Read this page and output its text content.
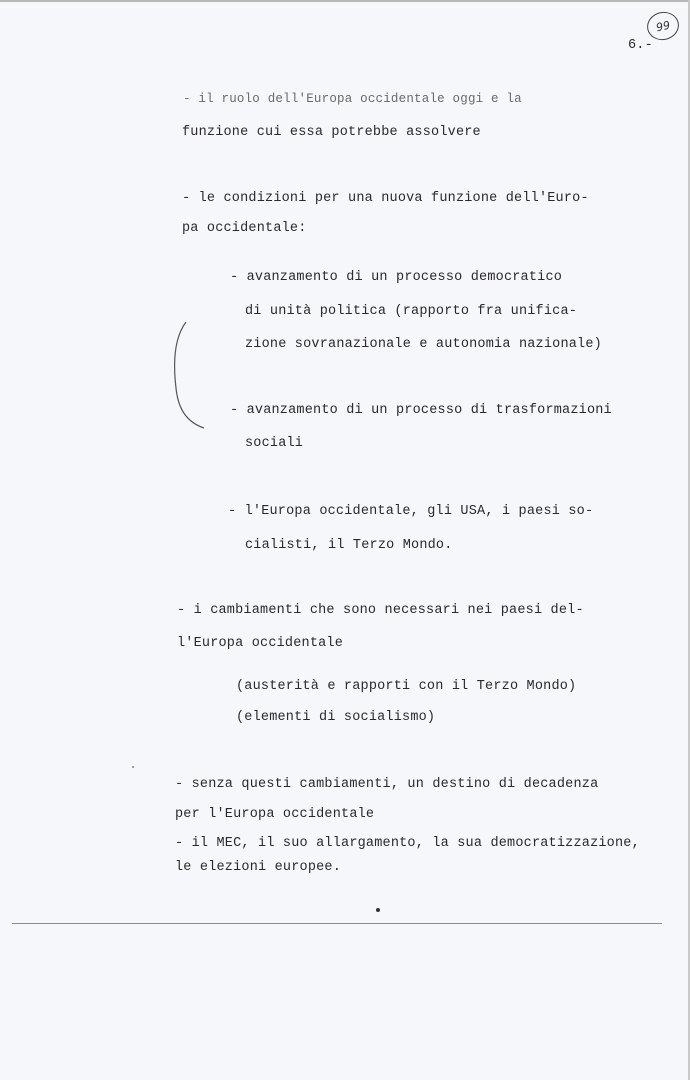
99
6.-
- il ruolo dell'Europa occidentale oggi e la
funzione cui essa potrebbe assolvere
- le condizioni per una nuova funzione dell'Euro-
pa occidentale:
- avanzamento di un processo democratico
di unità politica (rapporto fra unifica-
zione sovranazionale e autonomia nazionale)
- avanzamento di un processo di trasformazioni
sociali
- l'Europa occidentale, gli USA, i paesi so-
cialisti, il Terzo Mondo.
- i cambiamenti che sono necessari nei paesi del-
l'Europa occidentale
(austerità e rapporti con il Terzo Mondo)
(elementi di socialismo)
- senza questi cambiamenti, un destino di decadenza
per l'Europa occidentale
- il MEC, il suo allargamento, la sua democratizzazione,
le elezioni europee.
